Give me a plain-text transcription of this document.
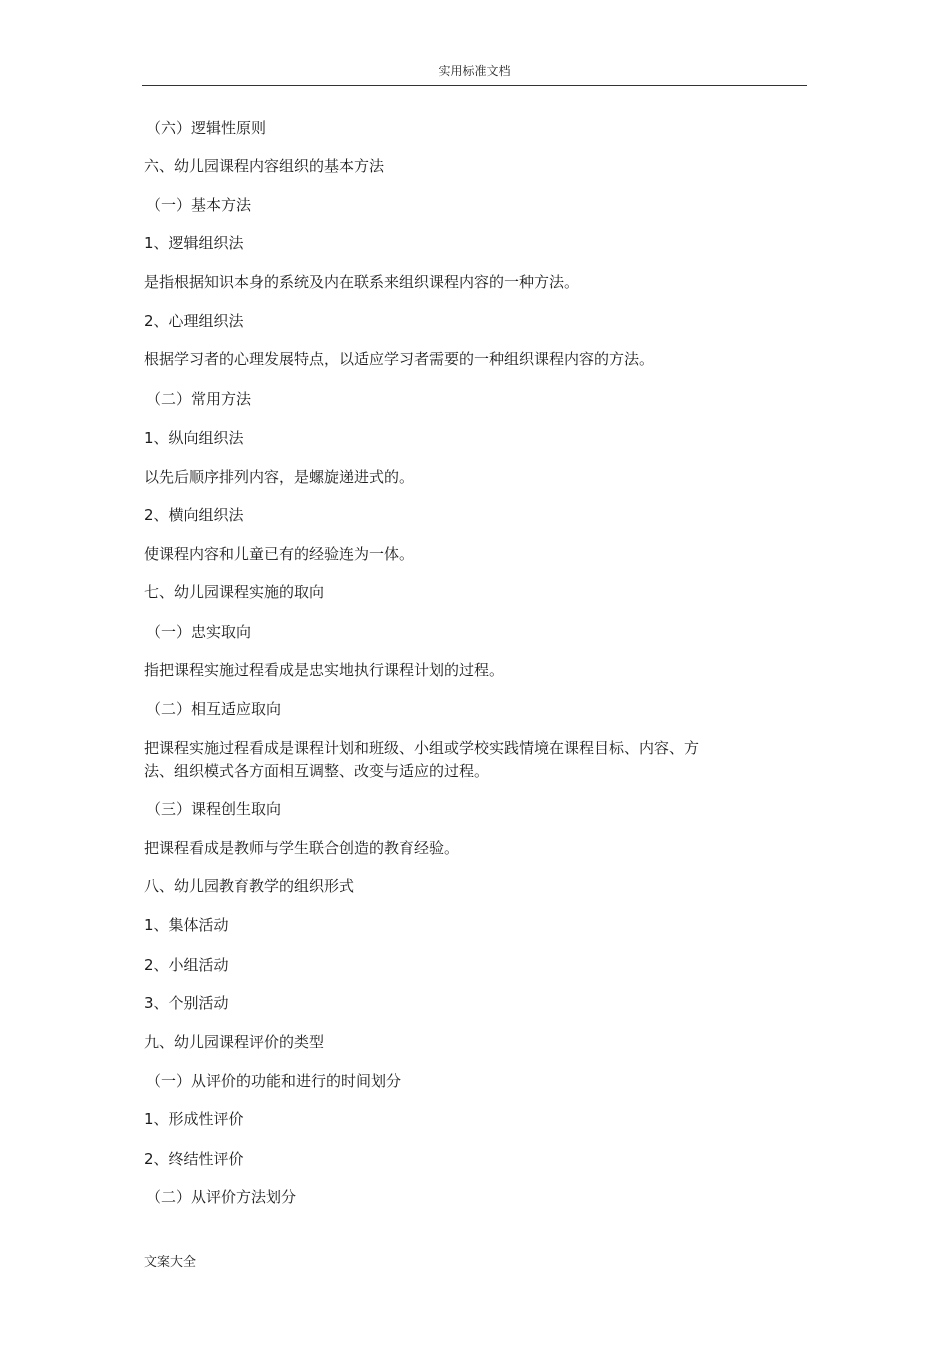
实用标准文档
（六）逻辑性原则
六、幼儿园课程内容组织的基本方法
（一）基本方法
1、逻辑组织法
是指根据知识本身的系统及内在联系来组织课程内容的一种方法。
2、心理组织法
根据学习者的心理发展特点，以适应学习者需要的一种组织课程内容的方法。
（二）常用方法
1、纵向组织法
以先后顺序排列内容，是螺旋递进式的。
2、横向组织法
使课程内容和儿童已有的经验连为一体。
七、幼儿园课程实施的取向
（一）忠实取向
指把课程实施过程看成是忠实地执行课程计划的过程。
（二）相互适应取向
把课程实施过程看成是课程计划和班级、小组或学校实践情境在课程目标、内容、方
法、组织模式各方面相互调整、改变与适应的过程。
（三）课程创生取向
把课程看成是教师与学生联合创造的教育经验。
八、幼儿园教育教学的组织形式
1、集体活动
2、小组活动
3、个别活动
九、幼儿园课程评价的类型
（一）从评价的功能和进行的时间划分
1、形成性评价
2、终结性评价
（二）从评价方法划分
文案大全
